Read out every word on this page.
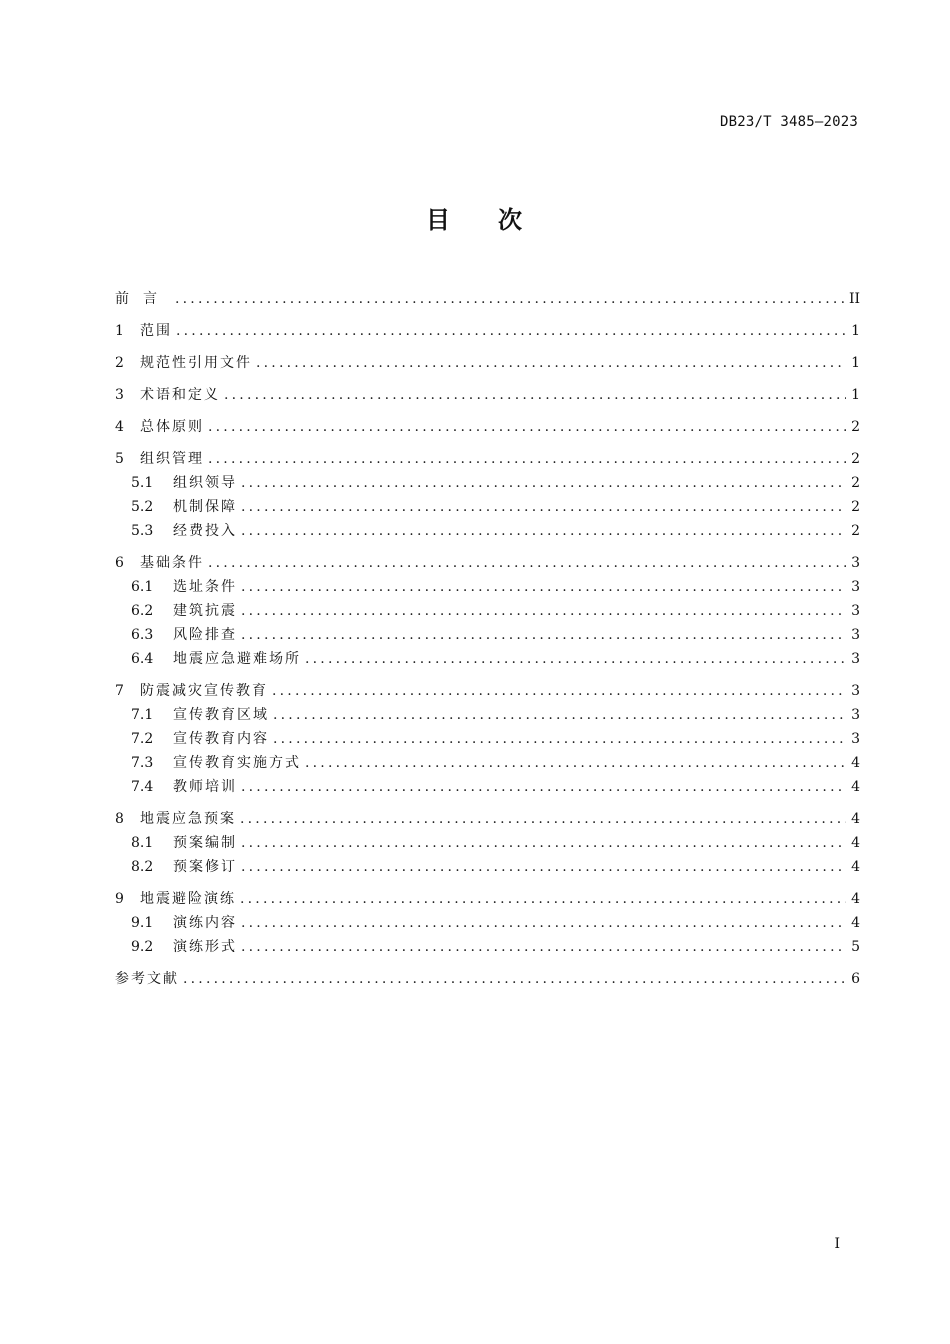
DB23/T 3485—2023
目 次
前言 .....	II
1	范围 .....	1
2	规范性引用文件 .....	1
3	术语和定义 .....	1
4	总体原则 .....	2
5	组织管理 .....	2
5.1	组织领导 .....	2
5.2	机制保障 .....	2
5.3	经费投入 .....	2
6	基础条件 .....	3
6.1	选址条件 .....	3
6.2	建筑抗震 .....	3
6.3	风险排查 .....	3
6.4	地震应急避难场所 .....	3
7	防震减灾宣传教育 .....	3
7.1	宣传教育区域 .....	3
7.2	宣传教育内容 .....	3
7.3	宣传教育实施方式 .....	4
7.4	教师培训 .....	4
8	地震应急预案 .....	4
8.1	预案编制 .....	4
8.2	预案修订 .....	4
9	地震避险演练 .....	4
9.1	演练内容 .....	4
9.2	演练形式 .....	5
参考文献 .....	6
I
